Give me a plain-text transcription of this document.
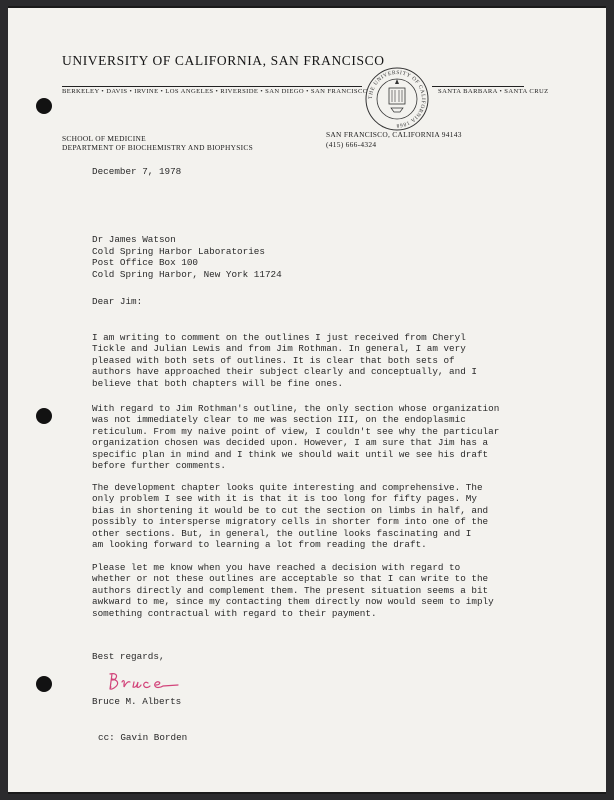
UNIVERSITY OF CALIFORNIA, SAN FRANCISCO
BERKELEY • DAVIS • IRVINE • LOS ANGELES • RIVERSIDE • SAN DIEGO • SAN FRANCISCO	SANTA BARBARA • SANTA CRUZ
THE UNIVERSITY OF CALIFORNIA 1868
SCHOOL OF MEDICINE
DEPARTMENT OF BIOCHEMISTRY AND BIOPHYSICS
SAN FRANCISCO, CALIFORNIA 94143
(415) 666-4324
December 7, 1978
Dr James Watson
Cold Spring Harbor Laboratories
Post Office Box 100
Cold Spring Harbor, New York 11724
Dear Jim:
I am writing to comment on the outlines I just received from Cheryl
Tickle and Julian Lewis and from Jim Rothman. In general, I am very
pleased with both sets of outlines. It is clear that both sets of
authors have approached their subject clearly and conceptually, and I
believe that both chapters will be fine ones.
With regard to Jim Rothman's outline, the only section whose organization
was not immediately clear to me was section III, on the endoplasmic
reticulum. From my naive point of view, I couldn't see why the particular
organization chosen was decided upon. However, I am sure that Jim has a
specific plan in mind and I think we should wait until we see his draft
before further comments.
The development chapter looks quite interesting and comprehensive. The
only problem I see with it is that it is too long for fifty pages. My
bias in shortening it would be to cut the section on limbs in half, and
possibly to intersperse migratory cells in shorter form into one of the
other sections. But, in general, the outline looks fascinating and I
am looking forward to learning a lot from reading the draft.
Please let me know when you have reached a decision with regard to
whether or not these outlines are acceptable so that I can write to the
authors directly and complement them. The present situation seems a bit
awkward to me, since my contacting them directly now would seem to imply
something contractual with regard to their payment.
Best regards,
Bruce M. Alberts
cc: Gavin Borden
